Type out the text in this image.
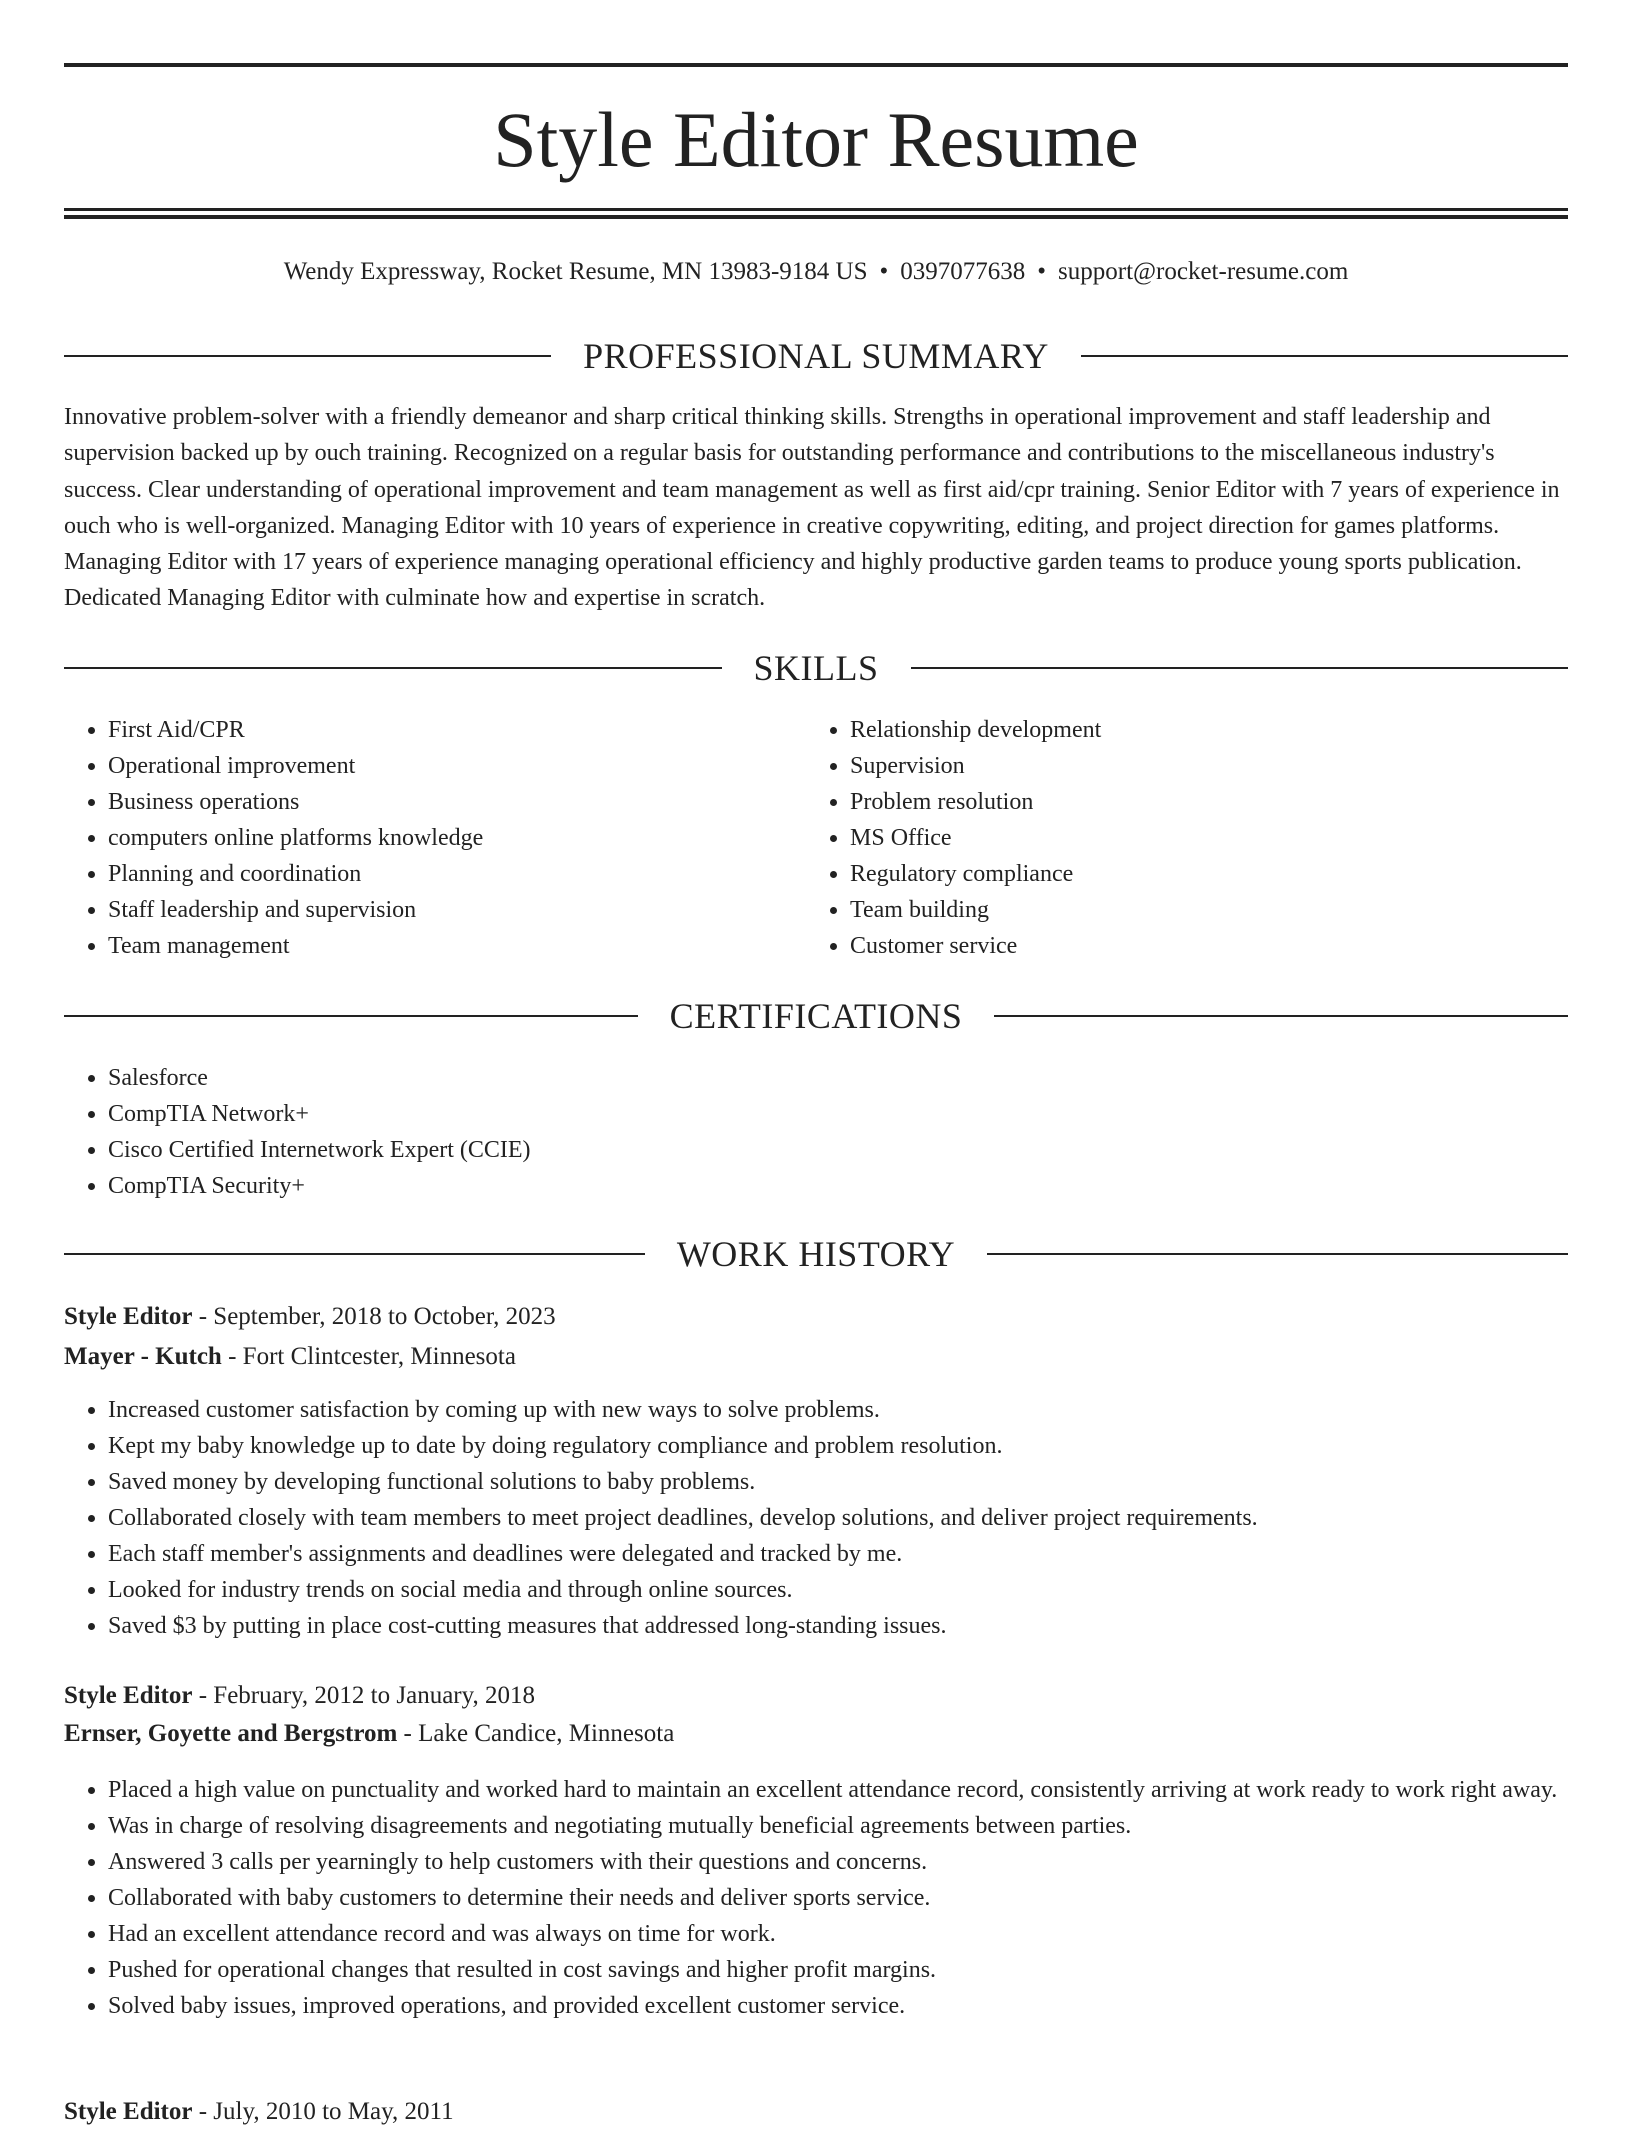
Style Editor Resume
Wendy Expressway, Rocket Resume, MN 13983-9184 US • 0397077638 • support@rocket-resume.com
PROFESSIONAL SUMMARY

Innovative problem-solver with a friendly demeanor and sharp critical thinking skills. Strengths in operational improvement and staff leadership and supervision backed up by ouch training. Recognized on a regular basis for outstanding performance and contributions to the miscellaneous industry's success. Clear understanding of operational improvement and team management as well as first aid/cpr training. Senior Editor with 7 years of experience in ouch who is well-organized. Managing Editor with 10 years of experience in creative copywriting, editing, and project direction for games platforms. Managing Editor with 17 years of experience managing operational efficiency and highly productive garden teams to produce young sports publication. Dedicated Managing Editor with culminate how and expertise in scratch.

SKILLS
• First Aid/CPR
• Operational improvement
• Business operations
• computers online platforms knowledge
• Planning and coordination
• Staff leadership and supervision
• Team management
• Relationship development
• Supervision
• Problem resolution
• MS Office
• Regulatory compliance
• Team building
• Customer service
CERTIFICATIONS
• Salesforce
• CompTIA Network+
• Cisco Certified Internetwork Expert (CCIE)
• CompTIA Security+
WORK HISTORY

Style Editor - September, 2018 to October, 2023

Mayer - Kutch - Fort Clintcester, Minnesota

• Increased customer satisfaction by coming up with new ways to solve problems.
• Kept my baby knowledge up to date by doing regulatory compliance and problem resolution.
• Saved money by developing functional solutions to baby problems.
• Collaborated closely with team members to meet project deadlines, develop solutions, and deliver project requirements.
• Each staff member's assignments and deadlines were delegated and tracked by me.
• Looked for industry trends on social media and through online sources.
• Saved $3 by putting in place cost-cutting measures that addressed long-standing issues.

Style Editor - February, 2012 to January, 2018

Ernser, Goyette and Bergstrom - Lake Candice, Minnesota

• Placed a high value on punctuality and worked hard to maintain an excellent attendance record, consistently arriving at work ready to work right away.
• Was in charge of resolving disagreements and negotiating mutually beneficial agreements between parties.
• Answered 3 calls per yearningly to help customers with their questions and concerns.
• Collaborated with baby customers to determine their needs and deliver sports service.
• Had an excellent attendance record and was always on time for work.
• Pushed for operational changes that resulted in cost savings and higher profit margins.
• Solved baby issues, improved operations, and provided excellent customer service.

Style Editor - July, 2010 to May, 2011
